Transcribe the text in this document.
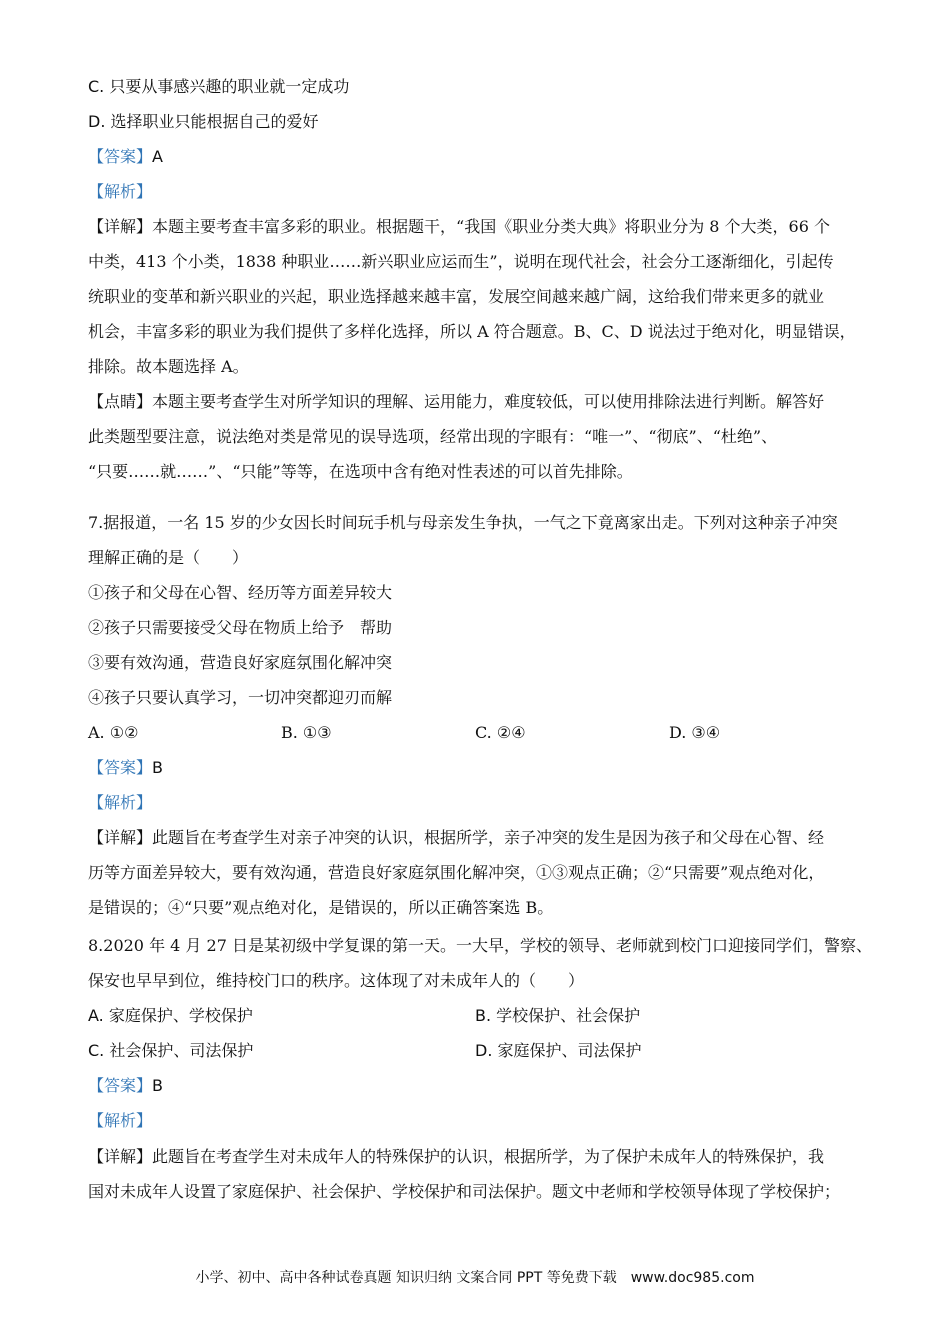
C. 只要从事感兴趣的职业就一定成功
D. 选择职业只能根据自己的爱好
【答案】A
【解析】
【详解】本题主要考查丰富多彩的职业。根据题干，“我国《职业分类大典》将职业分为 8 个大类，66 个
中类，413 个小类，1838 种职业……新兴职业应运而生”，说明在现代社会，社会分工逐渐细化，引起传
统职业的变革和新兴职业的兴起，职业选择越来越丰富，发展空间越来越广阔，这给我们带来更多的就业
机会，丰富多彩的职业为我们提供了多样化选择，所以 A 符合题意。B、C、D 说法过于绝对化，明显错误，
排除。故本题选择 A。
【点睛】本题主要考查学生对所学知识的理解、运用能力，难度较低，可以使用排除法进行判断。解答好
此类题型要注意，说法绝对类是常见的误导选项，经常出现的字眼有：“唯一”、“彻底”、“杜绝”、
“只要……就……”、“只能”等等，在选项中含有绝对性表述的可以首先排除。
7.据报道，一名 15 岁的少女因长时间玩手机与母亲发生争执，一气之下竟离家出走。下列对这种亲子冲突
理解正确的是（　　）
①孩子和父母在心智、经历等方面差异较大
②孩子只需要接受父母在物质上给予　帮助
③要有效沟通，营造良好家庭氛围化解冲突
④孩子只要认真学习，一切冲突都迎刃而解
A. ①②	B. ①③	C. ②④	D. ③④
【答案】B
【解析】
【详解】此题旨在考查学生对亲子冲突的认识，根据所学，亲子冲突的发生是因为孩子和父母在心智、经
历等方面差异较大，要有效沟通，营造良好家庭氛围化解冲突，①③观点正确；②“只需要”观点绝对化，
是错误的；④“只要”观点绝对化，是错误的，所以正确答案选 B。
8.2020 年 4 月 27 日是某初级中学复课的第一天。一大早，学校的领导、老师就到校门口迎接同学们，警察、
保安也早早到位，维持校门口的秩序。这体现了对未成年人的（　　）
A. 家庭保护、学校保护	B. 学校保护、社会保护
C. 社会保护、司法保护	D. 家庭保护、司法保护
【答案】B
【解析】
【详解】此题旨在考查学生对未成年人的特殊保护的认识，根据所学，为了保护未成年人的特殊保护，我
国对未成年人设置了家庭保护、社会保护、学校保护和司法保护。题文中老师和学校领导体现了学校保护；
小学、初中、高中各种试卷真题 知识归纳 文案合同 PPT 等免费下载　www.doc985.com
